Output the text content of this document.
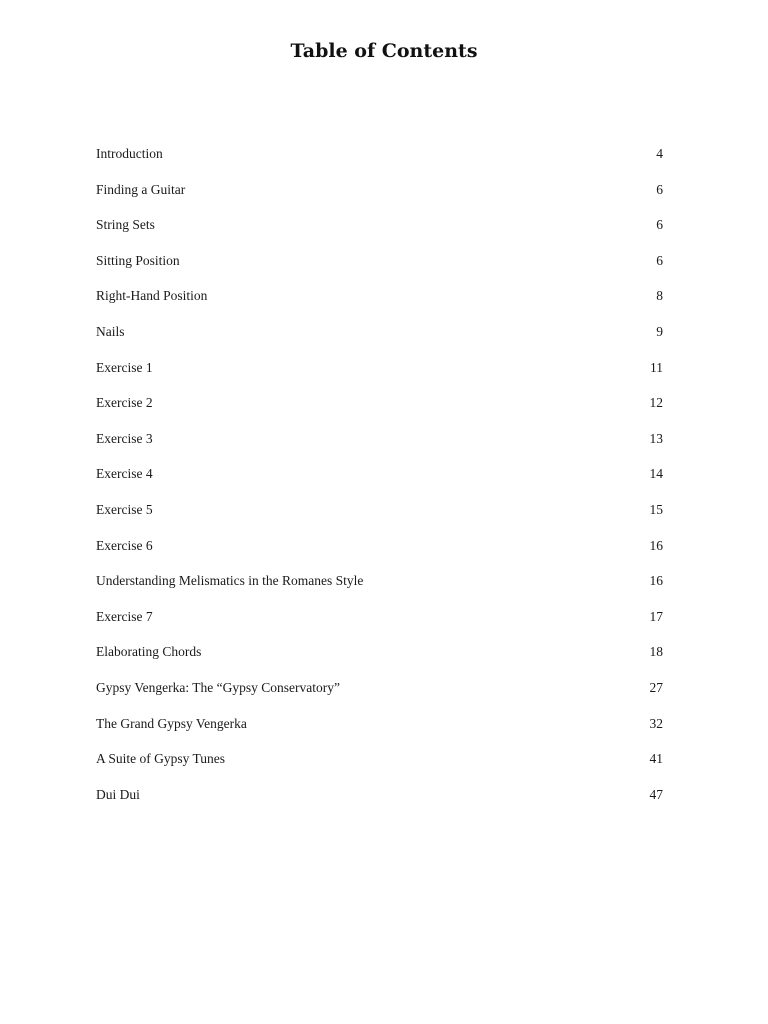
Table of Contents
Introduction	4
Finding a Guitar	6
String Sets	6
Sitting Position	6
Right-Hand Position	8
Nails	9
Exercise 1	11
Exercise 2	12
Exercise 3	13
Exercise 4	14
Exercise 5	15
Exercise 6	16
Understanding Melismatics in the Romanes Style	16
Exercise 7	17
Elaborating Chords	18
Gypsy Vengerka: The “Gypsy Conservatory”	27
The Grand Gypsy Vengerka	32
A Suite of Gypsy Tunes	41
Dui Dui	47
